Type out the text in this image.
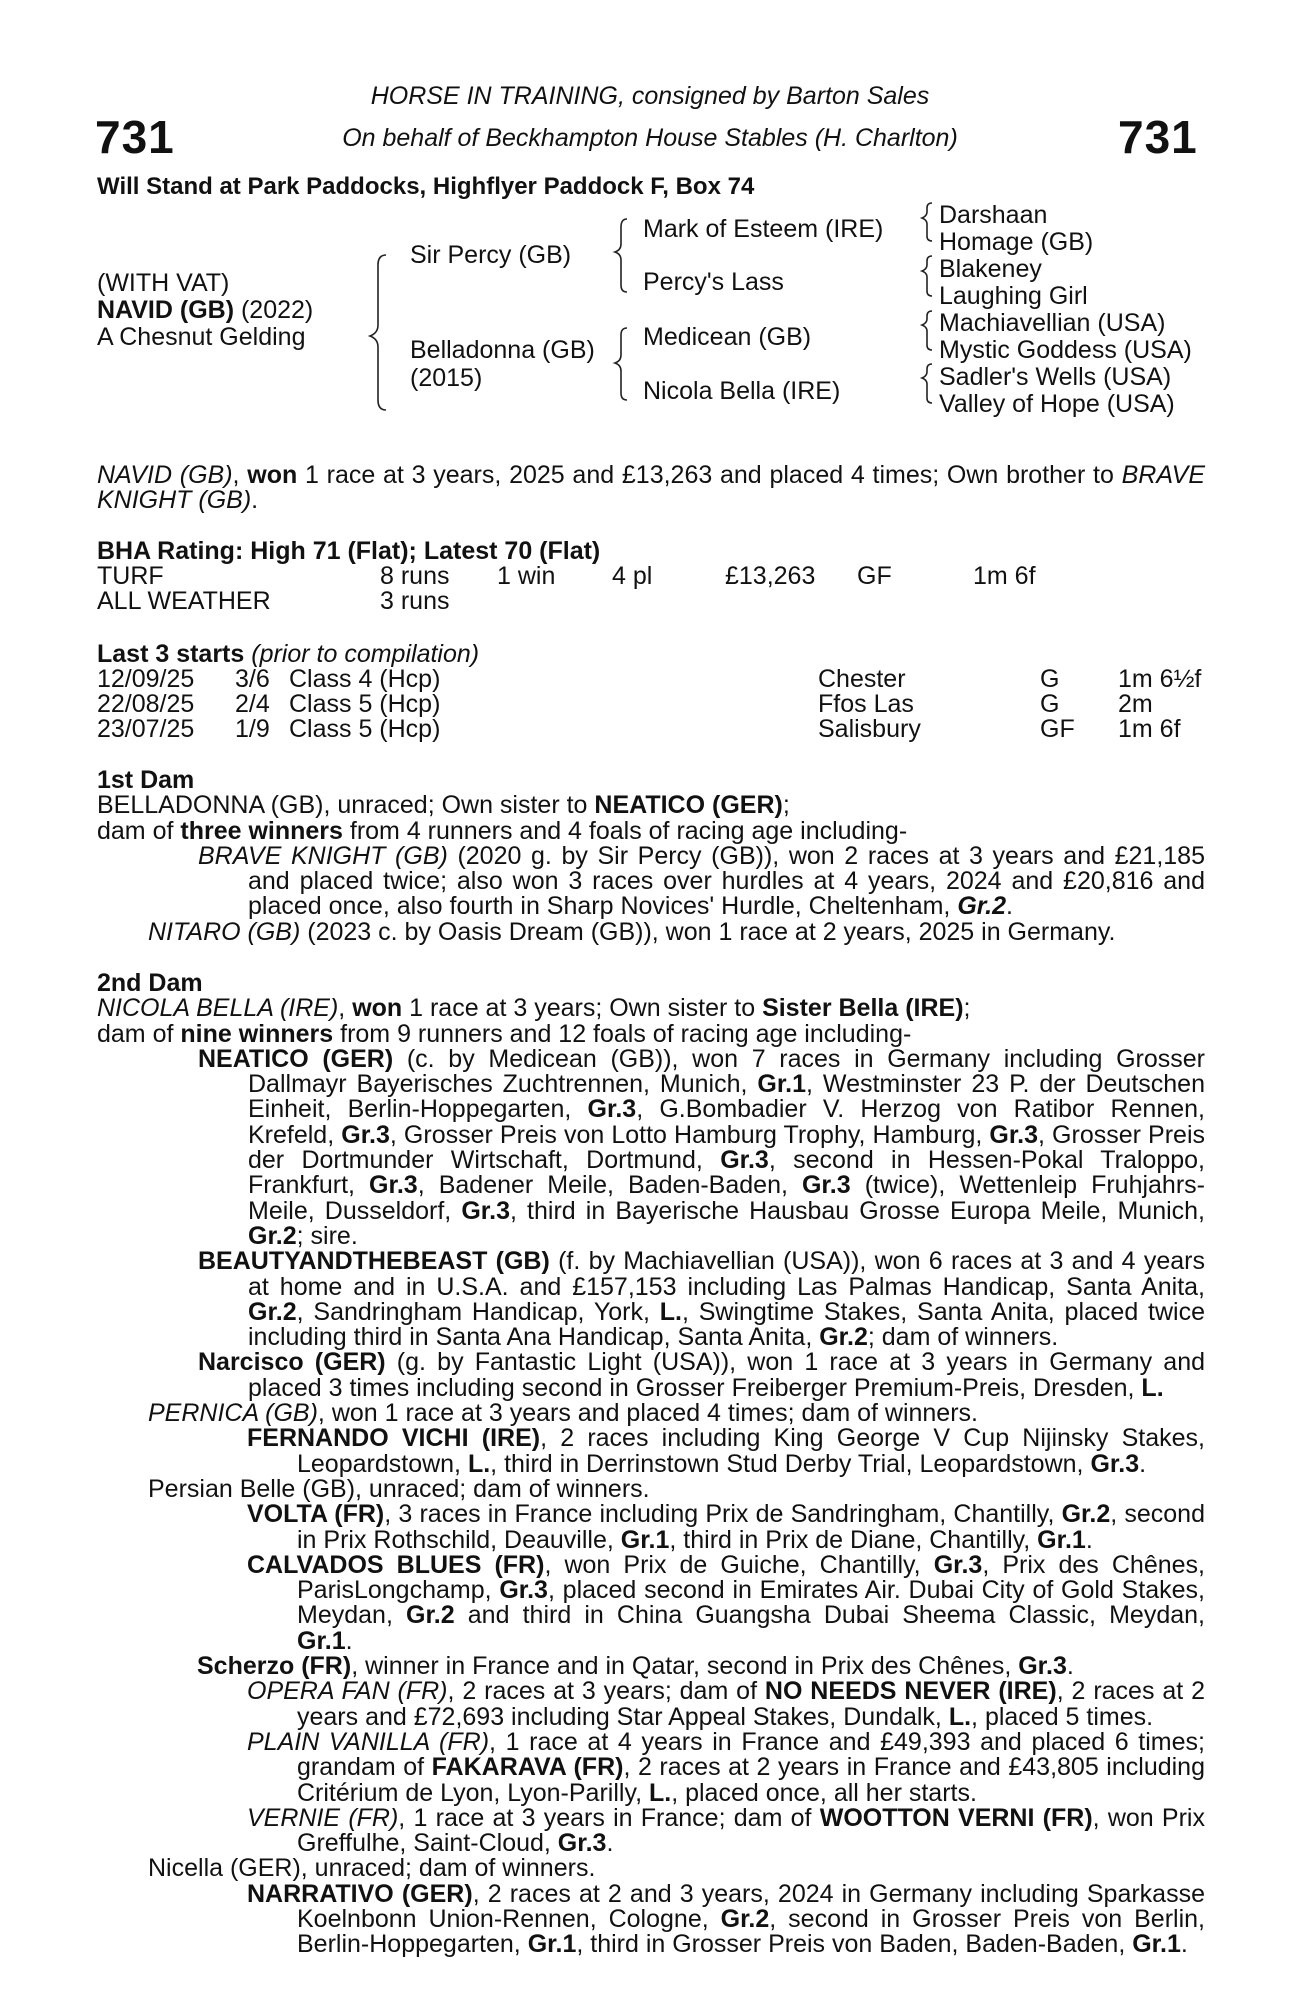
731	731
HORSE IN TRAINING, consigned by Barton Sales
On behalf of Beckhampton House Stables (H. Charlton)
Will Stand at Park Paddocks, Highflyer Paddock F, Box 74
(WITH VAT)
NAVID (GB) (2022)
A Chesnut Gelding
Sir Percy (GB)
Belladonna (GB)
(2015)
Mark of Esteem (IRE)
Percy's Lass
Medicean (GB)
Nicola Bella (IRE)
Darshaan
Homage (GB)
Blakeney
Laughing Girl
Machiavellian (USA)
Mystic Goddess (USA)
Sadler's Wells (USA)
Valley of Hope (USA)
NAVID (GB), won 1 race at 3 years, 2025 and £13,263 and placed 4 times; Own brother to BRAVE KNIGHT (GB).
BHA Rating: High 71 (Flat); Latest 70 (Flat)
TURF	8 runs 1 win 4 pl	£13,263 GF	1m 6f
ALL WEATHER	3 runs
Last 3 starts (prior to compilation)
12/09/25 3/6 Class 4 (Hcp)	Chester	G 1m 6½f
22/08/25 2/4 Class 5 (Hcp)	Ffos Las	G 2m
23/07/25 1/9 Class 5 (Hcp)	Salisbury	GF 1m 6f
1st Dam
BELLADONNA (GB), unraced; Own sister to NEATICO (GER);
dam of three winners from 4 runners and 4 foals of racing age including-
BRAVE KNIGHT (GB) (2020 g. by Sir Percy (GB)), won 2 races at 3 years and £21,185 and placed twice; also won 3 races over hurdles at 4 years, 2024 and £20,816 and placed once, also fourth in Sharp Novices' Hurdle, Cheltenham, Gr.2.
NITARO (GB) (2023 c. by Oasis Dream (GB)), won 1 race at 2 years, 2025 in Germany.
2nd Dam
NICOLA BELLA (IRE), won 1 race at 3 years; Own sister to Sister Bella (IRE);
dam of nine winners from 9 runners and 12 foals of racing age including-
NEATICO (GER) (c. by Medicean (GB)), won 7 races in Germany including Grosser Dallmayr Bayerisches Zuchtrennen, Munich, Gr.1, Westminster 23 P. der Deutschen Einheit, Berlin-Hoppegarten, Gr.3, G.Bombadier V. Herzog von Ratibor Rennen, Krefeld, Gr.3, Grosser Preis von Lotto Hamburg Trophy, Hamburg, Gr.3, Grosser Preis der Dortmunder Wirtschaft, Dortmund, Gr.3, second in Hessen-Pokal Traloppo, Frankfurt, Gr.3, Badener Meile, Baden-Baden, Gr.3 (twice), Wettenleip Fruhjahrs-Meile, Dusseldorf, Gr.3, third in Bayerische Hausbau Grosse Europa Meile, Munich, Gr.2; sire.
BEAUTYANDTHEBEAST (GB) (f. by Machiavellian (USA)), won 6 races at 3 and 4 years at home and in U.S.A. and £157,153 including Las Palmas Handicap, Santa Anita, Gr.2, Sandringham Handicap, York, L., Swingtime Stakes, Santa Anita, placed twice including third in Santa Ana Handicap, Santa Anita, Gr.2; dam of winners.
Narcisco (GER) (g. by Fantastic Light (USA)), won 1 race at 3 years in Germany and placed 3 times including second in Grosser Freiberger Premium-Preis, Dresden, L.
PERNICA (GB), won 1 race at 3 years and placed 4 times; dam of winners.
FERNANDO VICHI (IRE), 2 races including King George V Cup Nijinsky Stakes, Leopardstown, L., third in Derrinstown Stud Derby Trial, Leopardstown, Gr.3.
Persian Belle (GB), unraced; dam of winners.
VOLTA (FR), 3 races in France including Prix de Sandringham, Chantilly, Gr.2, second in Prix Rothschild, Deauville, Gr.1, third in Prix de Diane, Chantilly, Gr.1.
CALVADOS BLUES (FR), won Prix de Guiche, Chantilly, Gr.3, Prix des Chênes, ParisLongchamp, Gr.3, placed second in Emirates Air. Dubai City of Gold Stakes, Meydan, Gr.2 and third in China Guangsha Dubai Sheema Classic, Meydan, Gr.1.
Scherzo (FR), winner in France and in Qatar, second in Prix des Chênes, Gr.3.
OPERA FAN (FR), 2 races at 3 years; dam of NO NEEDS NEVER (IRE), 2 races at 2 years and £72,693 including Star Appeal Stakes, Dundalk, L., placed 5 times.
PLAIN VANILLA (FR), 1 race at 4 years in France and £49,393 and placed 6 times; grandam of FAKARAVA (FR), 2 races at 2 years in France and £43,805 including Critérium de Lyon, Lyon-Parilly, L., placed once, all her starts.
VERNIE (FR), 1 race at 3 years in France; dam of WOOTTON VERNI (FR), won Prix Greffulhe, Saint-Cloud, Gr.3.
Nicella (GER), unraced; dam of winners.
NARRATIVO (GER), 2 races at 2 and 3 years, 2024 in Germany including Sparkasse Koelnbonn Union-Rennen, Cologne, Gr.2, second in Grosser Preis von Berlin, Berlin-Hoppegarten, Gr.1, third in Grosser Preis von Baden, Baden-Baden, Gr.1.
